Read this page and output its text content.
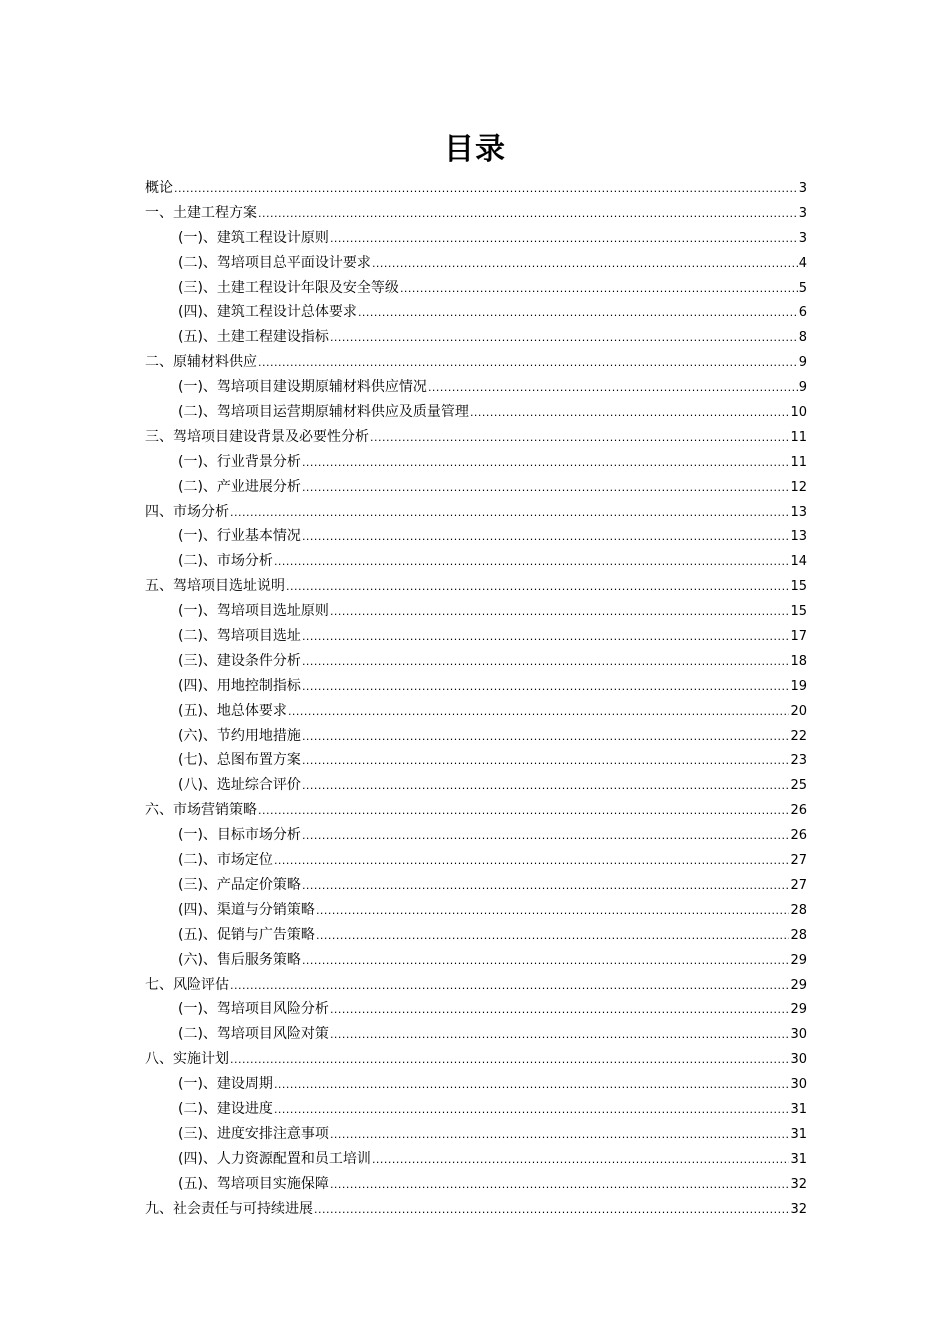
目录
概论 .....	3
一、土建工程方案 .....	3
(一)、建筑工程设计原则 .....	3
(二)、驾培项目总平面设计要求 .....	4
(三)、土建工程设计年限及安全等级 .....	5
(四)、建筑工程设计总体要求 .....	6
(五)、土建工程建设指标 .....	8
二、原辅材料供应 .....	9
(一)、驾培项目建设期原辅材料供应情况 .....	9
(二)、驾培项目运营期原辅材料供应及质量管理 .....	10
三、驾培项目建设背景及必要性分析 .....	11
(一)、行业背景分析 .....	11
(二)、产业进展分析 .....	12
四、市场分析 .....	13
(一)、行业基本情况 .....	13
(二)、市场分析 .....	14
五、驾培项目选址说明 .....	15
(一)、驾培项目选址原则 .....	15
(二)、驾培项目选址 .....	17
(三)、建设条件分析 .....	18
(四)、用地控制指标 .....	19
(五)、地总体要求 .....	20
(六)、节约用地措施 .....	22
(七)、总图布置方案 .....	23
(八)、选址综合评价 .....	25
六、市场营销策略 .....	26
(一)、目标市场分析 .....	26
(二)、市场定位 .....	27
(三)、产品定价策略 .....	27
(四)、渠道与分销策略 .....	28
(五)、促销与广告策略 .....	28
(六)、售后服务策略 .....	29
七、风险评估 .....	29
(一)、驾培项目风险分析 .....	29
(二)、驾培项目风险对策 .....	30
八、实施计划 .....	30
(一)、建设周期 .....	30
(二)、建设进度 .....	31
(三)、进度安排注意事项 .....	31
(四)、人力资源配置和员工培训 .....	31
(五)、驾培项目实施保障 .....	32
九、社会责任与可持续进展 .....	32
